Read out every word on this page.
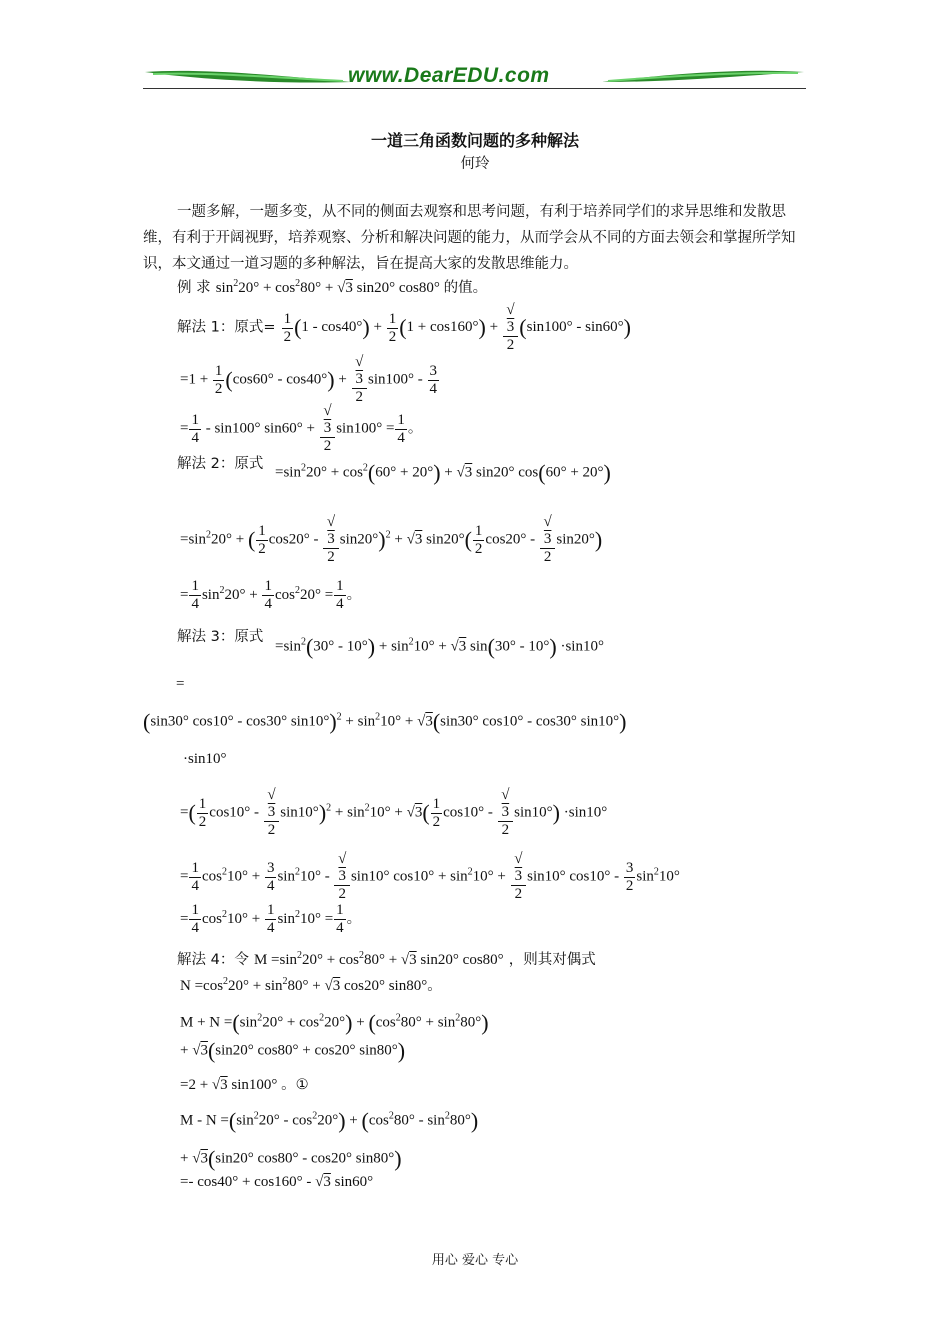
www.DearEDU.com
一道三角函数问题的多种解法
何玲
一题多解，一题多变，从不同的侧面去观察和思考问题，有利于培养同学们的求异思维和发散思维，有利于开阔视野，培养观察、分析和解决问题的能力，从而学会从不同的方面去领会和掌握所学知识，本文通过一道习题的多种解法，旨在提高大家的发散思维能力。
例 求 $\sin^220^\circ + \cos^280^\circ + √3$ sin20° cos80° 的值。
解法 1：原式= $\frac{1}{2} (1 - \cos 40^\circ) + \frac{1}{2} (1 + \cos 160^\circ)$ + √
3
2 (sin100° - sin60°)
$=1 + \frac{1}{2} (\cos 60^\circ - \cos 40^\circ)$ + √
3
2 $\sin 100^\circ - \frac{3}{4}$
= $\frac{1}{4} - \sin 100^\circ$ sin60° + √
3
2 $\sin 100^\circ = \frac{1}{4}$ 。
解法 2：原式
$=\sin^220^\circ + \cos^2(60^\circ + 20^\circ) + √3$ sin20° cos(60° + 20°)
$=\sin^220^\circ$ + ( $\frac{1}{2} \cos 20^\circ$ - √
3
2 sin20°)$^2$ + √3 $\sin 20^\circ( \frac{1}{2} \cos 20^\circ$ - √
3
2 sin20°)
= $\frac{1}{4} \sin^220^\circ + \frac{1}{4} \cos^220^\circ = \frac{1}{4}$ 。
解法 3：原式
$=\sin^2(30^\circ - 10^\circ) + \sin^210^\circ + √3$ sin(30° - 10°) ·sin10°
=
(sin30° cos10° - cos30° $\sin 10^\circ)^2 + \sin^210^\circ + √3(\sin 30^\circ$ cos10° - cos30° sin10°)
·sin10°
=( $\frac{1}{2} \cos 10^\circ$ - √
3
2 $\sin 10^\circ)^2 + \sin^210^\circ + √3( \frac{1}{2} \cos 10^\circ$ - √
3
2 sin10°) ·sin10°
= $\frac{1}{4} \cos^210^\circ + \frac{3}{4} \sin^210^\circ$ - √
3
2 sin10° $\cos 10^\circ + \sin^210^\circ$ + √
3
2 sin10° $\cos 10^\circ - \frac{3}{2} \sin^210^\circ$
= $\frac{1}{4} \cos^210^\circ + \frac{1}{4} \sin^210^\circ = \frac{1}{4}$ 。
解法 4：令 $M =\sin^220^\circ + \cos^280^\circ + √3$ sin20° cos80° ，则其对偶式
$N =\cos^220^\circ + \sin^280^\circ + √3$ cos20° sin80°。
$M + N =(\sin^220^\circ + \cos^220^\circ) + (\cos^280^\circ + \sin^280^\circ)$
+ √3(sin20° cos80° + cos20° sin80°)
=2 + √3 sin100° 。①
$M - N =(\sin^220^\circ - \cos^220^\circ) + (\cos^280^\circ - \sin^280^\circ)$
+ √3(sin20° cos80° - cos20° sin80°)
=- cos40° + cos160° - √3 sin60°
用心 爱心 专心
